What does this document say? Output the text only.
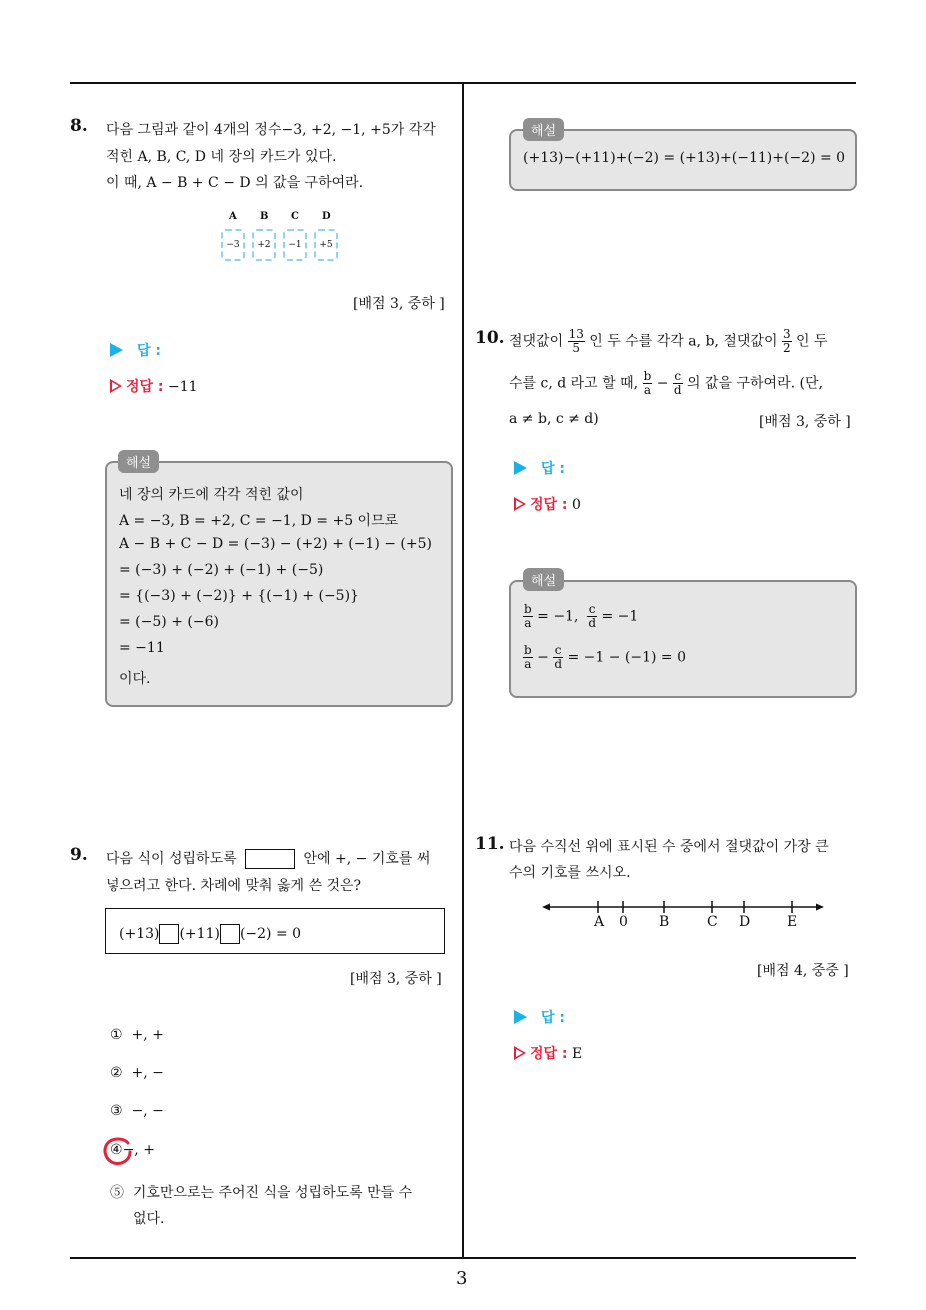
3
8. 다음 그림과 같이 4개의 정수−3, +2, −1, +5가 각각
적힌 A, B, C, D 네 장의 카드가 있다.
이 때, A − B + C − D 의 값을 구하여라.
A B C D
−3	+2	−1	+5
[배점 3, 중하 ]
답 :
정답 : −11
해설
네 장의 카드에 각각 적힌 값이
A = −3, B = +2, C = −1, D = +5 이므로
A − B + C − D = (−3) − (+2) + (−1) − (+5)
= (−3) + (−2) + (−1) + (−5)
= {(−3) + (−2)} + {(−1) + (−5)}
= (−5) + (−6)
= −11
이다.
9. 다음 식이 성립하도록	안에 +, − 기호를 써
넣으려고 한다. 차례에 맞춰 옳게 쓴 것은?
(+13) (+11) (−2) = 0
[배점 3, 중하 ]
① +, +
② +, −
③ −, −
④−, +
⑤ 기호만으로는 주어진 식을 성립하도록 만들 수
없다.
해설
(+13)−(+11)+(−2) = (+13)+(−11)+(−2) = 0
10. 절댓값이 $\frac{13}{5}$ 인 두 수를 각각 a, b, 절댓값이 $\frac{3}{2}$ 인 두
수를 c, d 라고 할 때, $\frac{b}{a} - \frac{c}{d}$ 의 값을 구하여라. (단,
a ≠ b, c ≠ d)	[배점 3, 중하 ]
답 :
정답 : 0
해설
$\frac{b}{a} = -1$, $\frac{c}{d} = -1$
$\frac{b}{a} - \frac{c}{d} = -1 - (-1) = 0$
11. 다음 수직선 위에 표시된 수 중에서 절댓값이 가장 큰
수의 기호를 쓰시오.
A 0 B	C D	E
[배점 4, 중중 ]
답 :
정답 : E
